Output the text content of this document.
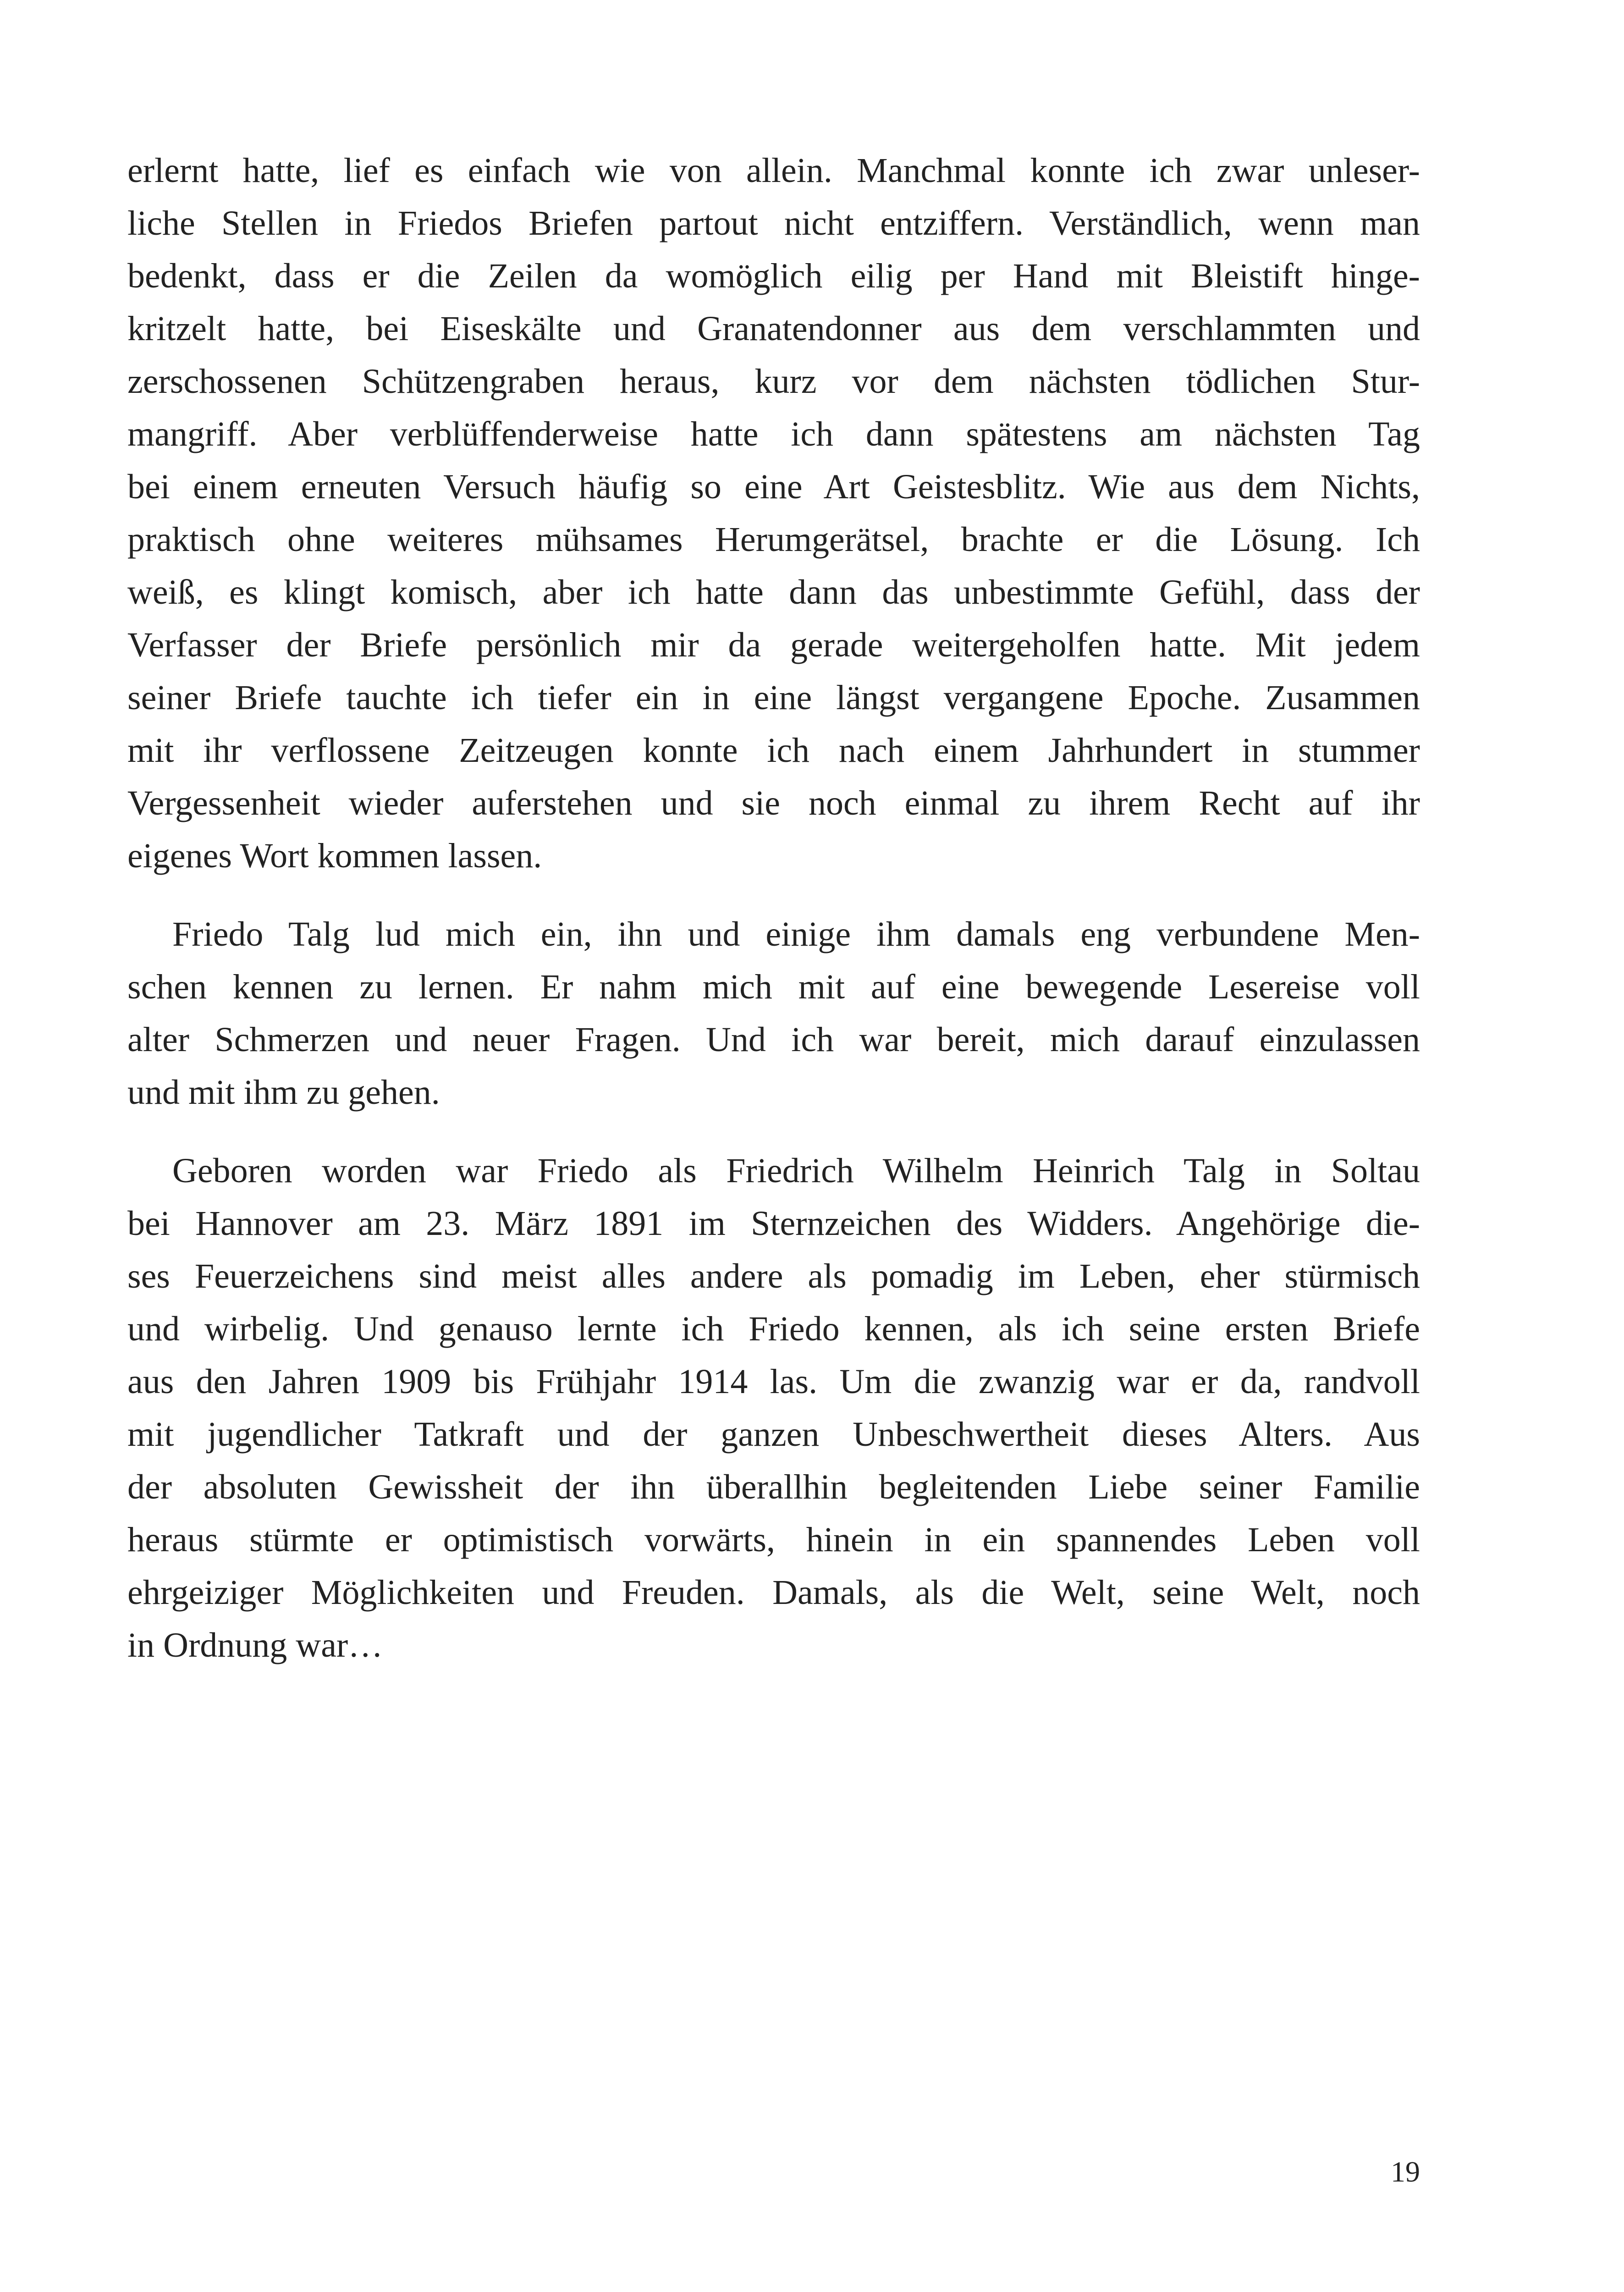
erlernt hatte, lief es einfach wie von allein. Manchmal konnte ich zwar unleser-
liche Stellen in Friedos Briefen partout nicht entziffern. Verständlich, wenn man
bedenkt, dass er die Zeilen da womöglich eilig per Hand mit Bleistift hinge-
kritzelt hatte, bei Eiseskälte und Granatendonner aus dem verschlammten und
zerschossenen Schützengraben heraus, kurz vor dem nächsten tödlichen Stur-
mangriff. Aber verblüffenderweise hatte ich dann spätestens am nächsten Tag
bei einem erneuten Versuch häufig so eine Art Geistesblitz. Wie aus dem Nichts,
praktisch ohne weiteres mühsames Herumgerätsel, brachte er die Lösung. Ich
weiß, es klingt komisch, aber ich hatte dann das unbestimmte Gefühl, dass der
Verfasser der Briefe persönlich mir da gerade weitergeholfen hatte. Mit jedem
seiner Briefe tauchte ich tiefer ein in eine längst vergangene Epoche. Zusammen
mit ihr verflossene Zeitzeugen konnte ich nach einem Jahrhundert in stummer
Vergessenheit wieder auferstehen und sie noch einmal zu ihrem Recht auf ihr
eigenes Wort kommen lassen.
Friedo Talg lud mich ein, ihn und einige ihm damals eng verbundene Men-
schen kennen zu lernen. Er nahm mich mit auf eine bewegende Lesereise voll
alter Schmerzen und neuer Fragen. Und ich war bereit, mich darauf einzulassen
und mit ihm zu gehen.
Geboren worden war Friedo als Friedrich Wilhelm Heinrich Talg in Soltau
bei Hannover am 23. März 1891 im Sternzeichen des Widders. Angehörige die-
ses Feuerzeichens sind meist alles andere als pomadig im Leben, eher stürmisch
und wirbelig. Und genauso lernte ich Friedo kennen, als ich seine ersten Briefe
aus den Jahren 1909 bis Frühjahr 1914 las. Um die zwanzig war er da, randvoll
mit jugendlicher Tatkraft und der ganzen Unbeschwertheit dieses Alters. Aus
der absoluten Gewissheit der ihn überallhin begleitenden Liebe seiner Familie
heraus stürmte er optimistisch vorwärts, hinein in ein spannendes Leben voll
ehrgeiziger Möglichkeiten und Freuden. Damals, als die Welt, seine Welt, noch
in Ordnung war…
19
